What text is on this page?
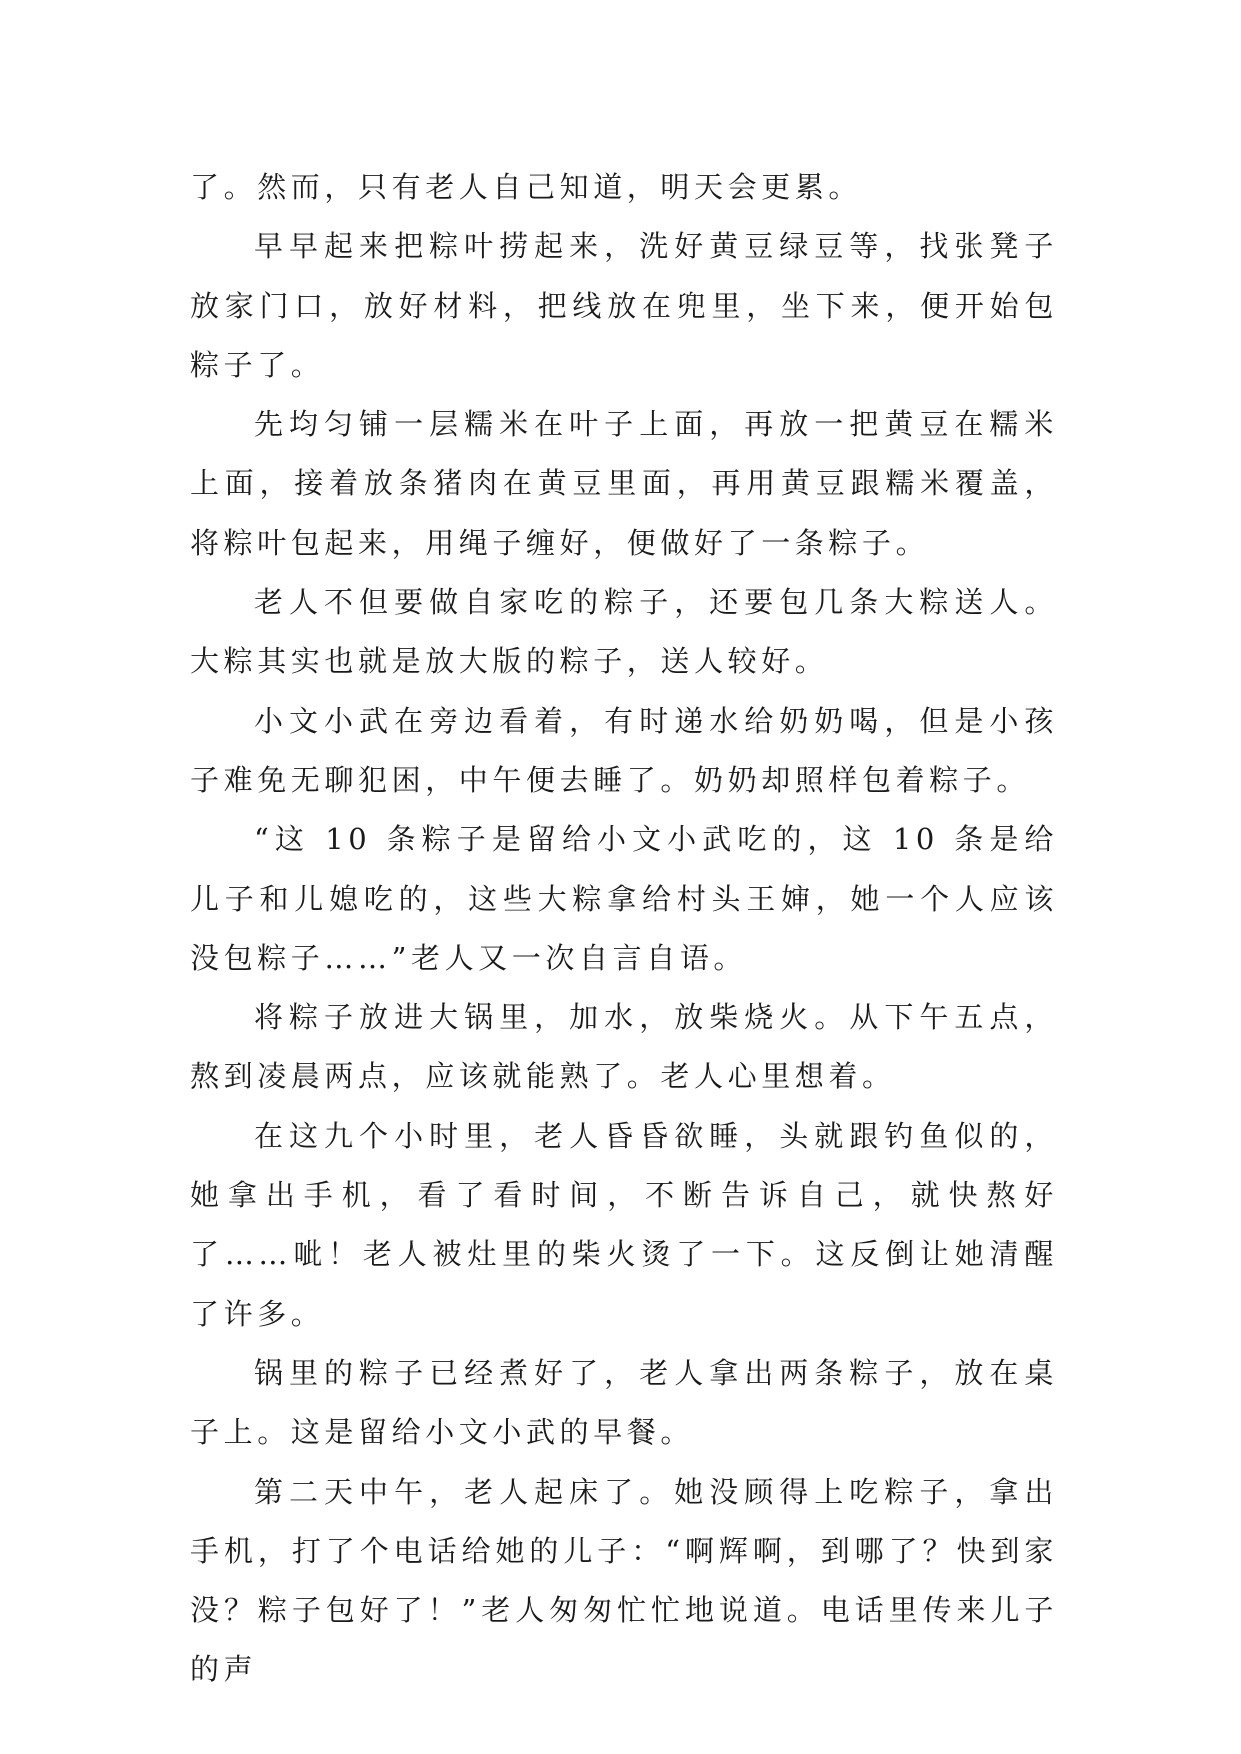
了。然而，只有老人自己知道，明天会更累。

早早起来把粽叶捞起来，洗好黄豆绿豆等，找张凳子放家门口，放好材料，把线放在兜里，坐下来，便开始包粽子了。

先均匀铺一层糯米在叶子上面，再放一把黄豆在糯米上面，接着放条猪肉在黄豆里面，再用黄豆跟糯米覆盖，将粽叶包起来，用绳子缠好，便做好了一条粽子。

老人不但要做自家吃的粽子，还要包几条大粽送人。大粽其实也就是放大版的粽子，送人较好。

小文小武在旁边看着，有时递水给奶奶喝，但是小孩子难免无聊犯困，中午便去睡了。奶奶却照样包着粽子。

“这 10 条粽子是留给小文小武吃的，这 10 条是给儿子和儿媳吃的，这些大粽拿给村头王婶，她一个人应该没包粽子……”老人又一次自言自语。

将粽子放进大锅里，加水，放柴烧火。从下午五点，熬到凌晨两点，应该就能熟了。老人心里想着。

在这九个小时里，老人昏昏欲睡，头就跟钓鱼似的，她拿出手机，看了看时间，不断告诉自己，就快熬好了……呲！老人被灶里的柴火烫了一下。这反倒让她清醒了许多。

锅里的粽子已经煮好了，老人拿出两条粽子，放在桌子上。这是留给小文小武的早餐。

第二天中午，老人起床了。她没顾得上吃粽子，拿出手机，打了个电话给她的儿子：“啊辉啊，到哪了？快到家没？粽子包好了！”老人匆匆忙忙地说道。电话里传来儿子的声
